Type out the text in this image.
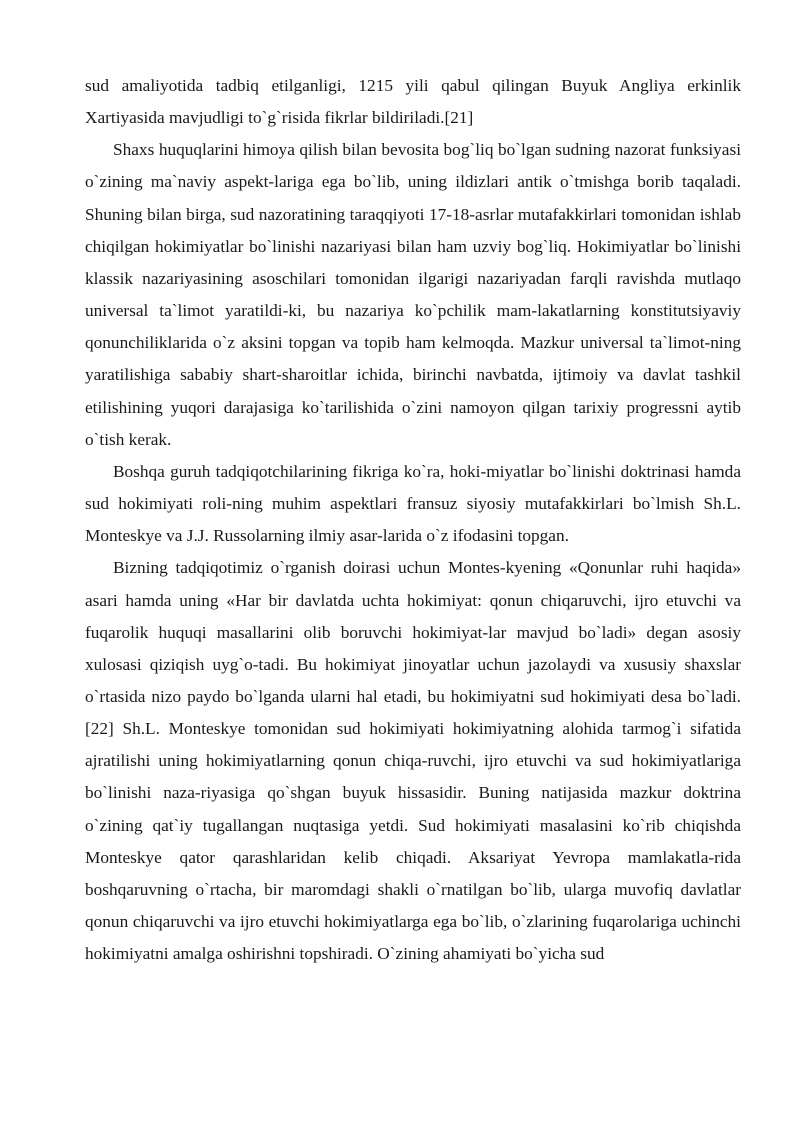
sud amaliyotida tadbiq etilganligi, 1215 yili qabul qilingan Buyuk Angliya erkinlik Xartiyasida mavjudligi to`g`risida fikrlar bildiriladi.[21]

Shaxs huquqlarini himoya qilish bilan bevosita bog`liq bo`lgan sudning nazorat funksiyasi o`zining ma`naviy aspekt-lariga ega bo`lib, uning ildizlari antik o`tmishga borib taqaladi. Shuning bilan birga, sud nazoratining taraqqiyoti 17-18-asrlar mutafakkirlari tomonidan ishlab chiqilgan hokimiyatlar bo`linishi nazariyasi bilan ham uzviy bog`liq. Hokimiyatlar bo`linishi klassik nazariyasining asoschilari tomonidan ilgarigi nazariyadan farqli ravishda mutlaqo universal ta`limot yaratildi-ki, bu nazariya ko`pchilik mam-lakatlarning konstitutsiyaviy qonunchiliklarida o`z aksini topgan va topib ham kelmoqda. Mazkur universal ta`limot-ning yaratilishiga sababiy shart-sharoitlar ichida, birinchi navbatda, ijtimoiy va davlat tashkil etilishining yuqori darajasiga ko`tarilishida o`zini namoyon qilgan tarixiy progressni aytib o`tish kerak.

Boshqa guruh tadqiqotchilarining fikriga ko`ra, hoki-miyatlar bo`linishi doktrinasi hamda sud hokimiyati roli-ning muhim aspektlari fransuz siyosiy mutafakkirlari bo`lmish Sh.L. Monteskye va J.J. Russolarning ilmiy asar-larida o`z ifodasini topgan.

Bizning tadqiqotimiz o`rganish doirasi uchun Montes-kyening «Qonunlar ruhi haqida» asari hamda uning «Har bir davlatda uchta hokimiyat: qonun chiqaruvchi, ijro etuvchi va fuqarolik huquqi masallarini olib boruvchi hokimiyat-lar mavjud bo`ladi» degan asosiy xulosasi qiziqish uyg`o-tadi. Bu hokimiyat jinoyatlar uchun jazolaydi va xususiy shaxslar o`rtasida nizo paydo bo`lganda ularni hal etadi, bu hokimiyatni sud hokimiyati desa bo`ladi.[22] Sh.L. Monteskye tomonidan sud hokimiyati hokimiyatning alohida tarmog`i sifatida ajratilishi uning hokimiyatlarning qonun chiqa-ruvchi, ijro etuvchi va sud hokimiyatlariga bo`linishi naza-riyasiga qo`shgan buyuk hissasidir. Buning natijasida mazkur doktrina o`zining qat`iy tugallangan nuqtasiga yetdi. Sud hokimiyati masalasini ko`rib chiqishda Monteskye qator qarashlaridan kelib chiqadi. Aksariyat Yevropa mamlakatla-rida boshqaruvning o`rtacha, bir maromdagi shakli o`rnatilgan bo`lib, ularga muvofiq davlatlar qonun chiqaruvchi va ijro etuvchi hokimiyatlarga ega bo`lib, o`zlarining fuqarolariga uchinchi hokimiyatni amalga oshirishni topshiradi. O`zining ahamiyati bo`yicha sud
